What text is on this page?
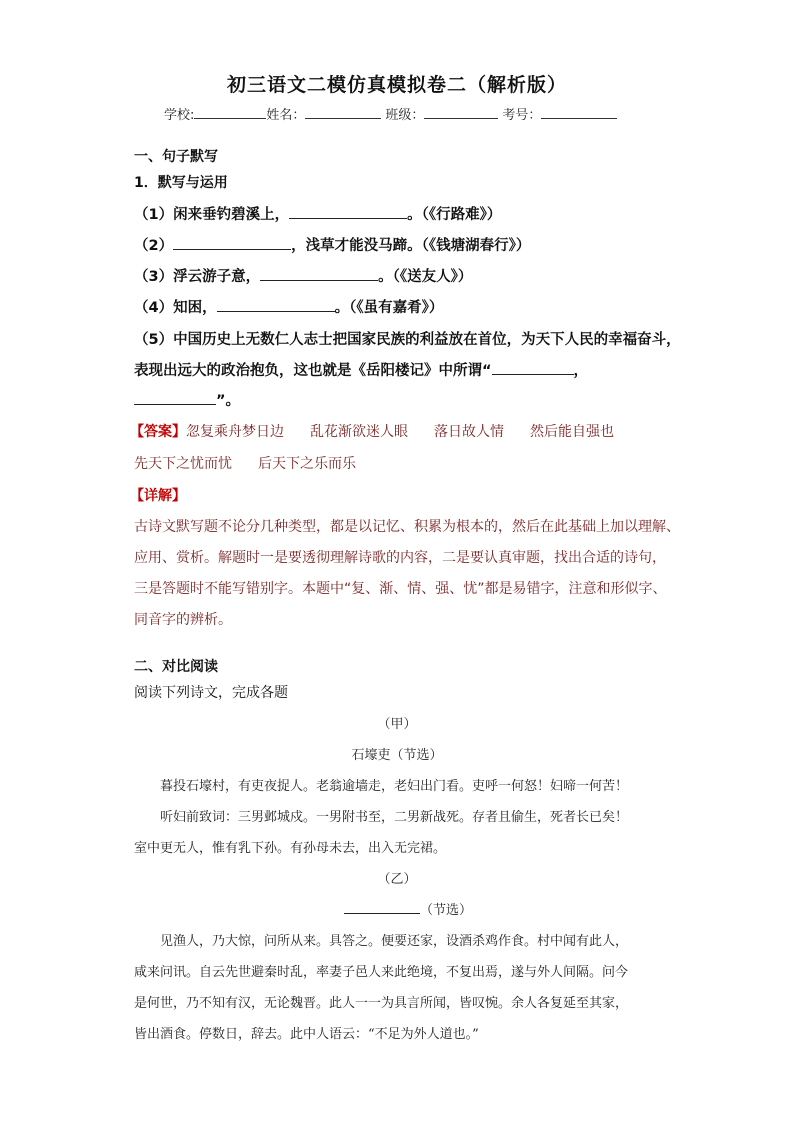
初三语文二模仿真模拟卷二（解析版）
学校:	姓名：	班级：	考号：
一、句子默写
1．默写与运用
（1）闲来垂钓碧溪上，	。（《行路难》）
（2）	，浅草才能没马蹄。（《钱塘湖春行》）
（3）浮云游子意，	。（《送友人》）
（4）知困，	。（《虽有嘉肴》）
（5）中国历史上无数仁人志士把国家民族的利益放在首位，为天下人民的幸福奋斗，
表现出远大的政治抱负，这也就是《岳阳楼记》中所谓“	，
”。
【答案】忽复乘舟梦日边 乱花渐欲迷人眼 落日故人情 然后能自强也
先天下之忧而忧 后天下之乐而乐
【详解】
古诗文默写题不论分几种类型，都是以记忆、积累为根本的，然后在此基础上加以理解、
应用、赏析。解题时一是要透彻理解诗歌的内容，二是要认真审题，找出合适的诗句，
三是答题时不能写错别字。本题中“复、渐、情、强、忧”都是易错字，注意和形似字、
同音字的辨析。
二、对比阅读
阅读下列诗文，完成各题
（甲）
石壕吏（节选）
暮投石壕村，有吏夜捉人。老翁逾墙走，老妇出门看。吏呼一何怒！妇啼一何苦！
听妇前致词：三男邺城戍。一男附书至，二男新战死。存者且偷生，死者长已矣！
室中更无人，惟有乳下孙。有孙母未去，出入无完裙。
（乙）
（节选）
见渔人，乃大惊，问所从来。具答之。便要还家，设酒杀鸡作食。村中闻有此人，
咸来问讯。自云先世避秦时乱，率妻子邑人来此绝境，不复出焉，遂与外人间隔。问今
是何世，乃不知有汉，无论魏晋。此人一一为具言所闻，皆叹惋。余人各复延至其家，
皆出酒食。停数日，辞去。此中人语云：“不足为外人道也。”
